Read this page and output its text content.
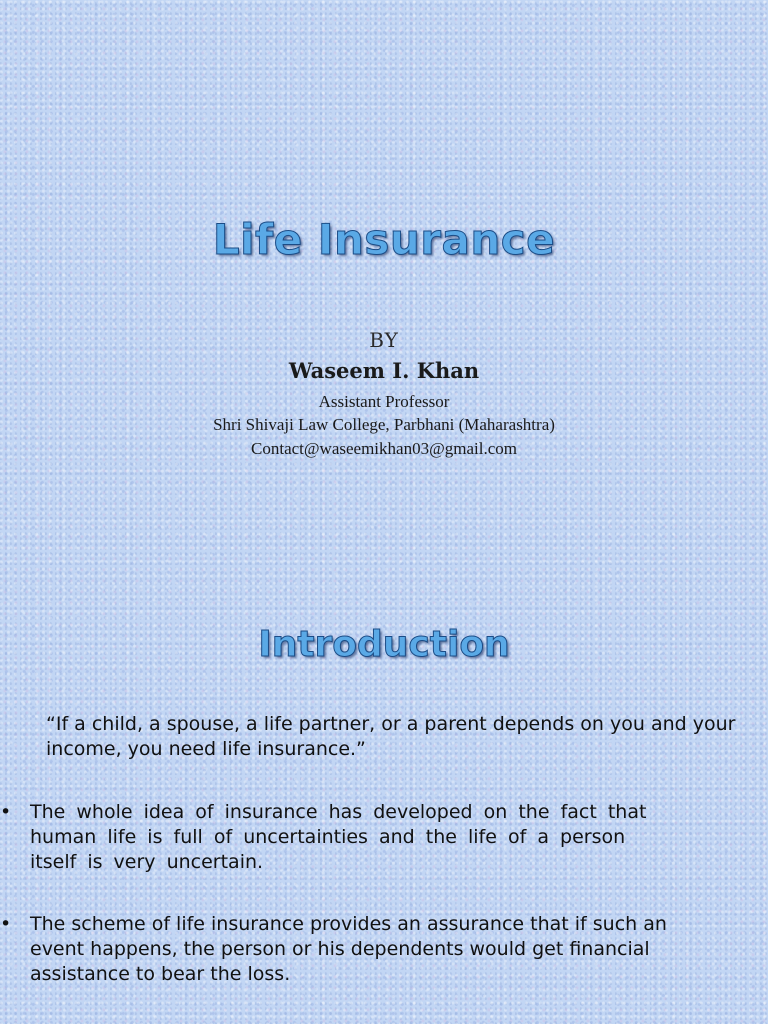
Life Insurance
BY
Waseem I. Khan
Assistant Professor
Shri Shivaji Law College, Parbhani (Maharashtra)
Contact@waseemikhan03@gmail.com
Introduction

“If a child, a spouse, a life partner, or a parent depends on you and your income, you need life insurance.”

• The whole idea of insurance has developed on the fact that human life is full of uncertainties and the life of a person itself is very uncertain.
• The scheme of life insurance provides an assurance that if such an event happens, the person or his dependents would get financial assistance to bear the loss.
